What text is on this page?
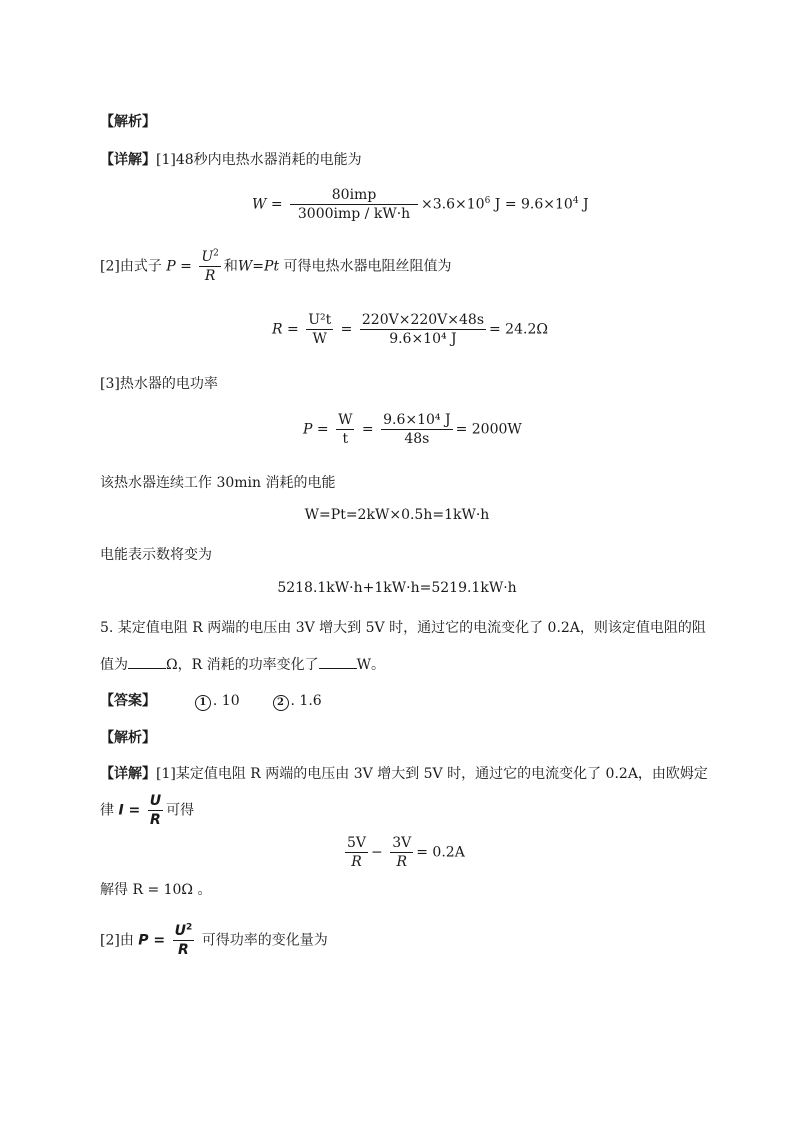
【解析】
【详解】[1]48秒内电热水器消耗的电能为
$W = \frac{\text{80imp}}{\text{3000imp / kW·h}} \times 3.6\times 10^6$ $J = 9.6\times 10^4$ J
[2]由式子 $P = \frac{U^2}{R}$ 和W=Pt 可得电热水器电阻丝阻值为
$R = \frac{\text{U²t}}{W} = \frac{220V\times 220V\times 48s}{\text{9.6×10⁴ J}} = 24.2\Omega$
[3]热水器的电功率
$P = \frac{W}{t} = \frac{\text{9.6×10⁴ J}}{48s} = 2000W$
该热水器连续工作 30min 消耗的电能
W=Pt=2kW×0.5h=1kW·h
电能表示数将变为
5218.1kW·h+1kW·h=5219.1kW·h
5. 某定值电阻 R 两端的电压由 3V 增大到 5V 时，通过它的电流变化了 0.2A，则该定值电阻的阻
值为	Ω，R 消耗的功率变化了	W。
【答案】	1 . 10	2 . 1.6
【解析】
【详解】[1]某定值电阻 R 两端的电压由 3V 增大到 5V 时，通过它的电流变化了 0.2A，由欧姆定
律 $I = \frac{U}{R}$ 可得
$\frac{5V}{R} - \frac{3V}{R} = 0.2A$
解得 R = 10Ω 。
[2]由 $P = \frac{U^2}{R}$ 可得功率的变化量为
